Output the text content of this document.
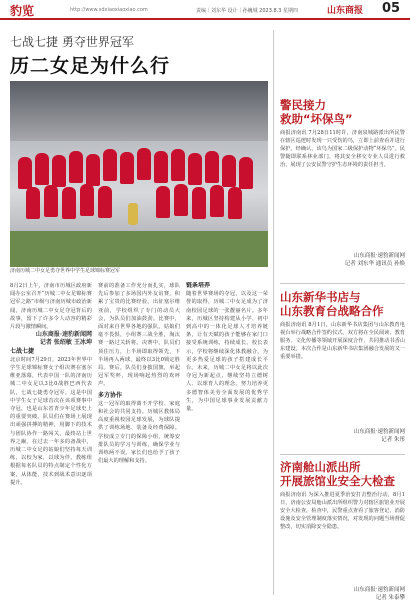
豹览	http://www.sdxiaoxiaoxiao.com	责编｜刘东华 设计｜孙巍城 2023.8.3 星期四	山东商报 05
七战七捷 勇夺世界冠军
历二女足为什么行
济南历城二中女足勇夺世界中学生足球锦标赛冠军

8月2日上午，济南市历城区政府新闻办公室召开“历城二中女足锦标赛冠军之路”市级与济南历城市政治新闻，济南历城二中女足夺冠背后的故事，留下了许多令人动容的精彩片段与激情瞬间。

山东商报·速豹新闻网

记者 张绍敏 王冰坤

七战七捷

北京时间7月29日，2023年世界中学生足球锦标赛女子组决赛在塞尔维亚落幕，代表中国一队的济南历城二中女足以3比0战胜巴西代表队，七战七捷勇夺冠军。这是中国中学生女子足球首次在该项赛事中夺冠，也是山东省青少年足球史上的重要突破。队员们在赛场上展现出顽强拼搏的精神，用脚下的技术与团队协作一路闯关，最终站上世界之巅。在过去一年多的备战中，历城二中女足的姑娘们坚持每天训练，以校为家，以球为伴。教练组根据每名队员的特点制定个性化方案，从体能、技术到战术意识逐项提升。

赛前的准备工作充分而扎实，球队先后参加了多场国内外友谊赛，积累了宝贵的比赛经验。出征塞尔维亚前，学校组织了专门的动员大会，为队员们加油鼓劲。比赛中，面对来自世界各地的强队，姑娘们毫不畏惧，小组赛三战全胜，淘汰赛一路过关斩将。决赛中，队员们顶住压力，上半场即取得领先，下半场再入两球，最终以3比0锁定胜局。赛后，队员们身披国旗，举起冠军奖杯，现场响起热烈的欢呼声。

多方协作

这一冠军的取得离不开学校、家庭和社会的共同支持。历城区教体局高度重视校园足球发展，为球队提供了训练场地、装备及经费保障。学校成立专门的保障小组，统筹安排队员的学习与训练，确保学业与训练两不误。家长们也给予了孩子们最大的理解和支持。

链条培养

随着世界赛场的夺冠，以及这一荣誉的取得，历城二中女足成为了济南校园足球的一张靓丽名片。多年来，历城区坚持构建从小学、初中到高中的一体化足球人才培养链条，让有天赋的孩子能够在家门口接受系统训练，持续成长。校长表示，学校将继续深化体教融合，为更多热爱足球的孩子搭建成长平台。未来，历城二中女足将以此次夺冠为新起点，继续坚持立德树人、以球育人的理念，努力培养更多德智体美劳全面发展的优秀学生，为中国足球事业发展贡献力量。

警民接力
救助“坏保鸟”
商报济南讯 7月28日11时许，济南泉城路派出所民警在辖区巡逻时发现一只受伤的鸟，立即上前查看并进行保护。经确认，该鸟为国家二级保护动物“坏保鸟”。民警随即联系林业部门，将其安全移交专业人员进行救治，展现了公安民警守护生态环境的责任担当。
山东商报·速豹新闻网
记者 刘东华 通讯员 孙焕
山东新华书店与
山东教育台战略合作
商报济南讯 8月1日，山东新华书店集团与山东教育电视台举行战略合作签约仪式。双方将在全民阅读、教育服务、文化传播等领域开展深度合作，共同推动书香山东建设。本次合作是山东新华书店集团融合发展的又一重要举措。
山东商报·速豹新闻网
记者 朱彤
济南舱山派出所
开展旅馆业安全大检查
商报济南讯 为深入推进夏季治安打击整治行动，8月1日，济南公安局舱山派出所组织警力对辖区旅馆业开展安全大检查。检查中，民警重点查看了旅客登记、消防设施及安全管理制度落实情况，对发现的问题当场督促整改，切实消除安全隐患。
山东商报·速豹新闻网
记者 朱泰攀
